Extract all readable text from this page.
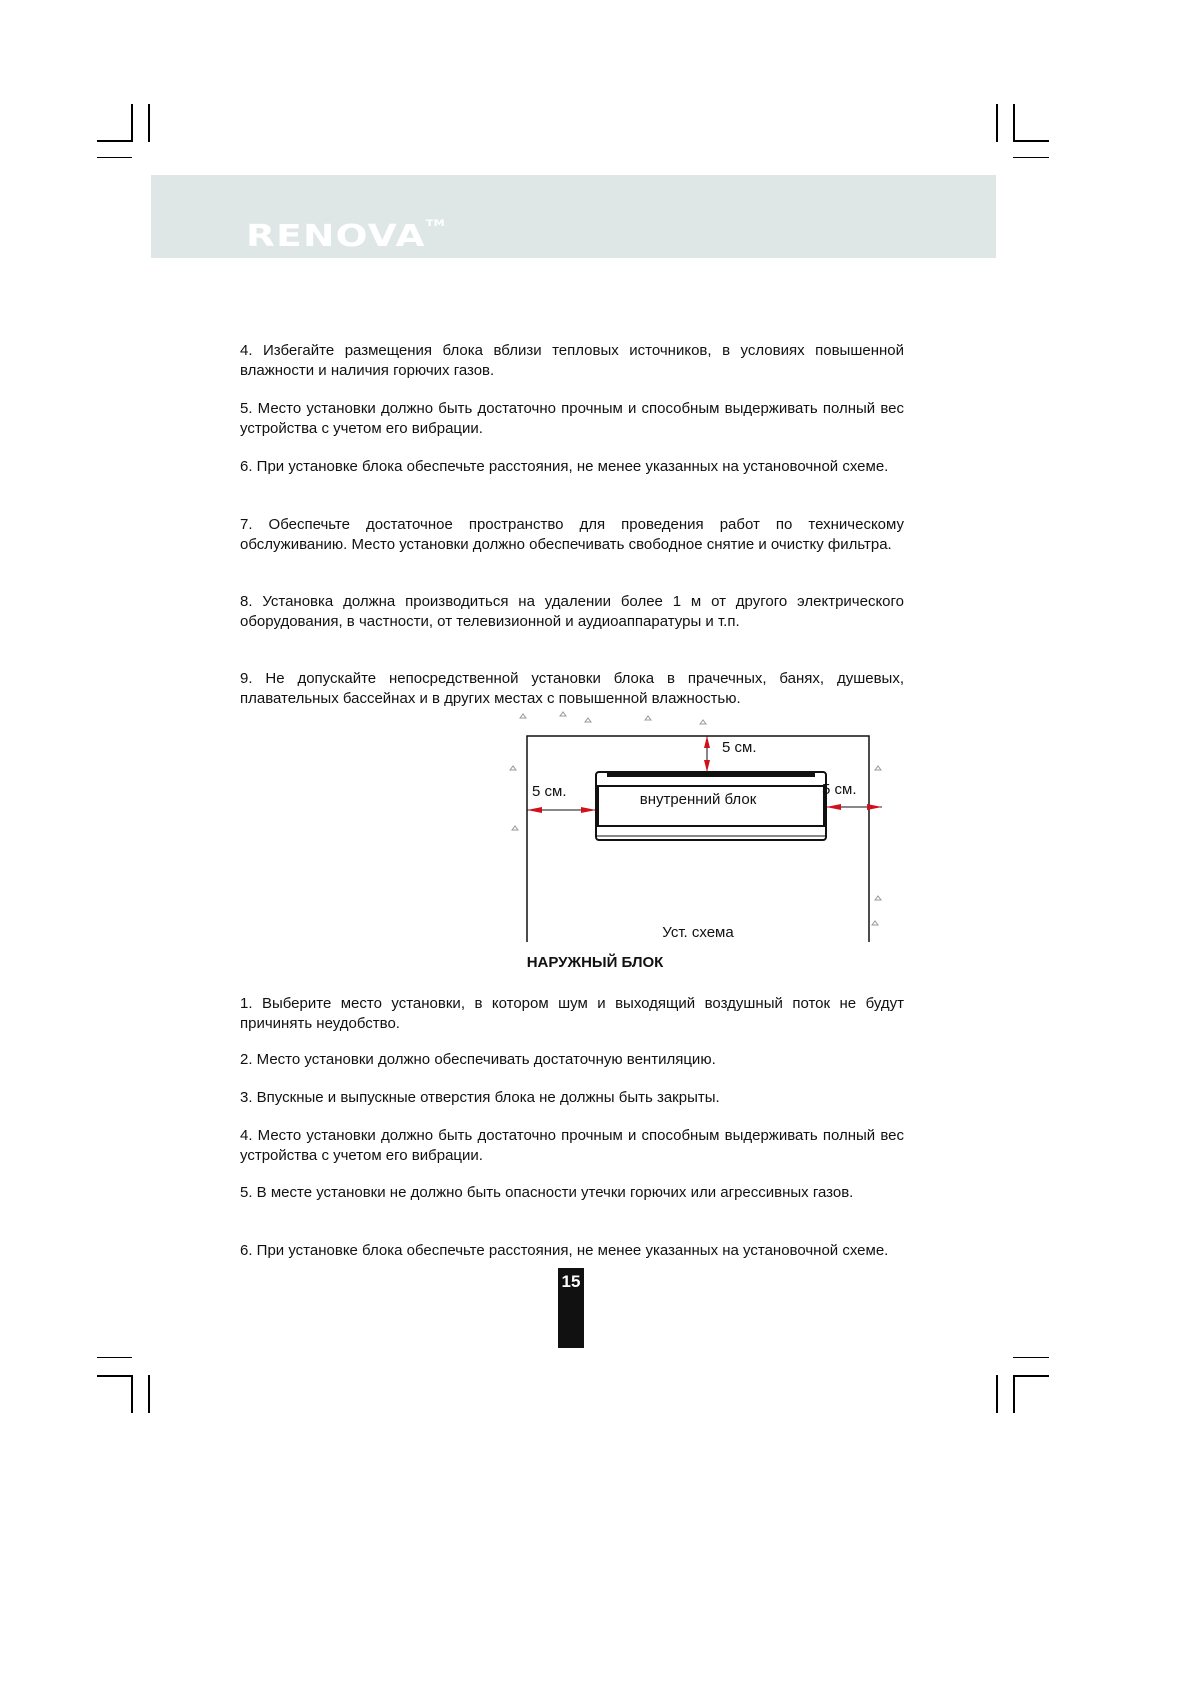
RENOVA™

4. Избегайте размещения блока вблизи тепловых источников, в условиях повышенной влажности и наличия горючих газов.

5. Место установки должно быть достаточно прочным и способным выдерживать полный вес устройства с учетом его вибрации.

6. При установке блока обеспечьте расстояния, не менее указанных на установочной схеме.

7. Обеспечьте достаточное пространство для проведения работ по техническому обслуживанию. Место установки должно обеспечивать свободное снятие и очистку фильтра.

8. Установка должна производиться на удалении более 1 м от другого электрического оборудования, в частности, от телевизионной и аудиоаппаратуры и т.п.

9. Не допускайте непосредственной установки блока в прачечных, банях, душевых, плавательных бассейнах и в других местах с повышенной влажностью.

5 см.
5 см.	5 см.
внутренний блок
Уст. схема
НАРУЖНЫЙ БЛОК

1. Выберите место установки, в котором шум и выходящий воздушный поток не будут причинять неудобство.

2. Место установки должно обеспечивать достаточную вентиляцию.

3. Впускные и выпускные отверстия блока не должны быть закрыты.

4. Место установки должно быть достаточно прочным и способным выдерживать полный вес устройства с учетом его вибрации.

5. В месте установки не должно быть опасности утечки горючих или агрессивных газов.

6. При установке блока обеспечьте расстояния, не менее указанных на установочной схеме.

15
